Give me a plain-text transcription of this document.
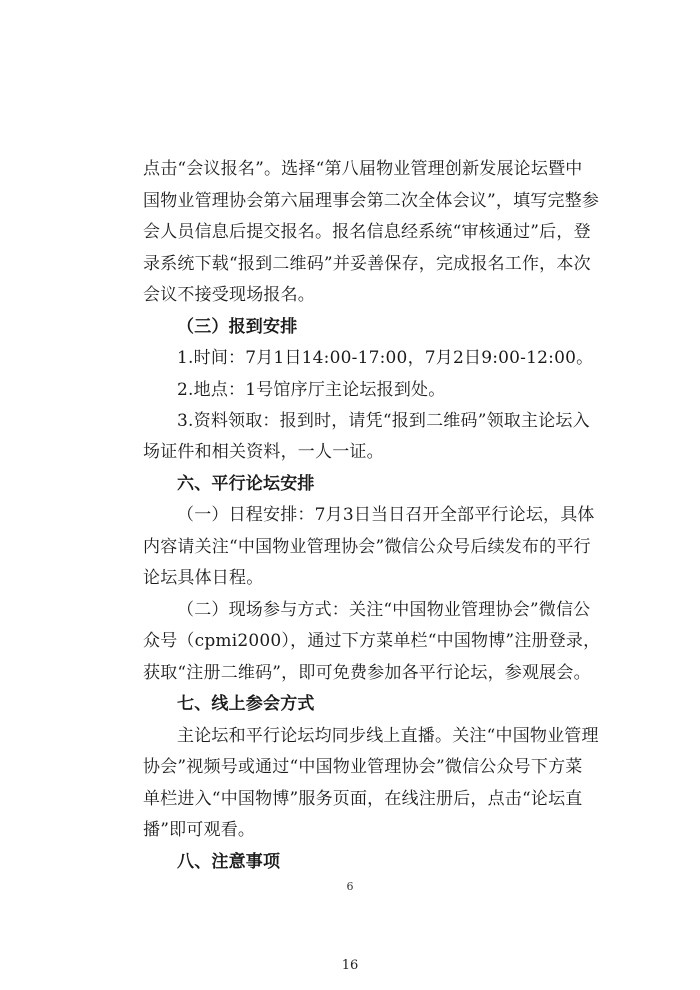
点击“会议报名”。选择“第八届物业管理创新发展论坛暨中
国物业管理协会第六届理事会第二次全体会议”，填写完整参
会人员信息后提交报名。报名信息经系统“审核通过”后，登
录系统下载“报到二维码”并妥善保存，完成报名工作，本次
会议不接受现场报名。
（三）报到安排
1.时间：7月1日14:00-17:00，7月2日9:00-12:00。
2.地点：1号馆序厅主论坛报到处。
3.资料领取：报到时，请凭“报到二维码”领取主论坛入
场证件和相关资料，一人一证。
六、平行论坛安排
（一）日程安排：7月3日当日召开全部平行论坛，具体
内容请关注“中国物业管理协会”微信公众号后续发布的平行
论坛具体日程。
（二）现场参与方式：关注“中国物业管理协会”微信公
众号（cpmi2000），通过下方菜单栏“中国物博”注册登录，
获取“注册二维码”，即可免费参加各平行论坛，参观展会。
七、线上参会方式
主论坛和平行论坛均同步线上直播。关注“中国物业管理
协会”视频号或通过“中国物业管理协会”微信公众号下方菜
单栏进入“中国物博”服务页面，在线注册后，点击“论坛直
播”即可观看。
八、注意事项
6
16
